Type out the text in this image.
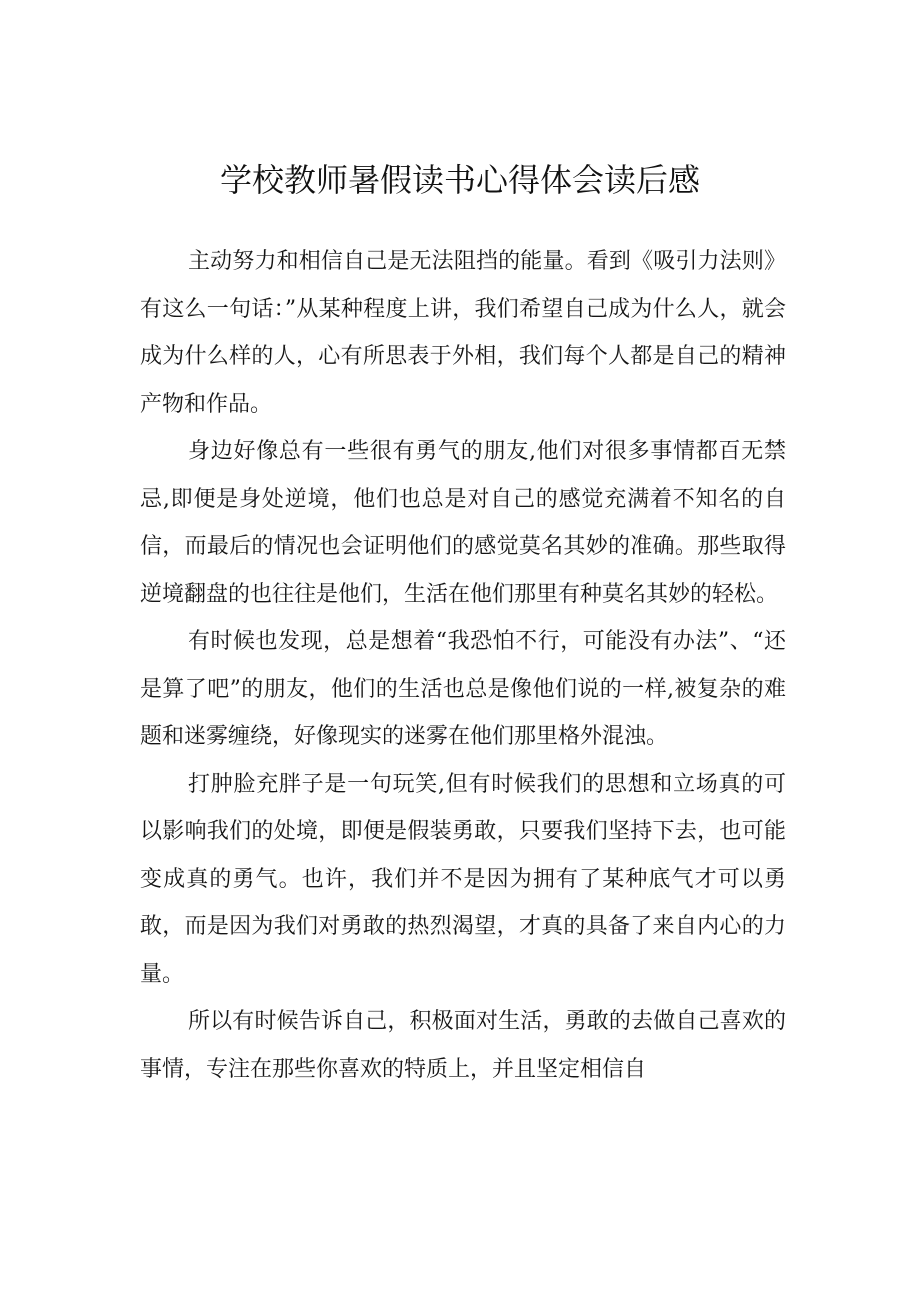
学校教师暑假读书心得体会读后感

主动努力和相信自己是无法阻挡的能量。看到《吸引力法则》有这么一句话：”从某种程度上讲，我们希望自己成为什么人，就会成为什么样的人，心有所思表于外相，我们每个人都是自己的精神产物和作品。

身边好像总有一些很有勇气的朋友,他们对很多事情都百无禁忌,即便是身处逆境，他们也总是对自己的感觉充满着不知名的自信，而最后的情况也会证明他们的感觉莫名其妙的准确。那些取得逆境翻盘的也往往是他们，生活在他们那里有种莫名其妙的轻松。

有时候也发现，总是想着“我恐怕不行，可能没有办法”、“还是算了吧”的朋友，他们的生活也总是像他们说的一样,被复杂的难题和迷雾缠绕，好像现实的迷雾在他们那里格外混浊。

打肿脸充胖子是一句玩笑,但有时候我们的思想和立场真的可以影响我们的处境，即便是假装勇敢，只要我们坚持下去，也可能变成真的勇气。也许，我们并不是因为拥有了某种底气才可以勇敢，而是因为我们对勇敢的热烈渴望，才真的具备了来自内心的力量。

所以有时候告诉自己，积极面对生活，勇敢的去做自己喜欢的事情，专注在那些你喜欢的特质上，并且坚定相信自
